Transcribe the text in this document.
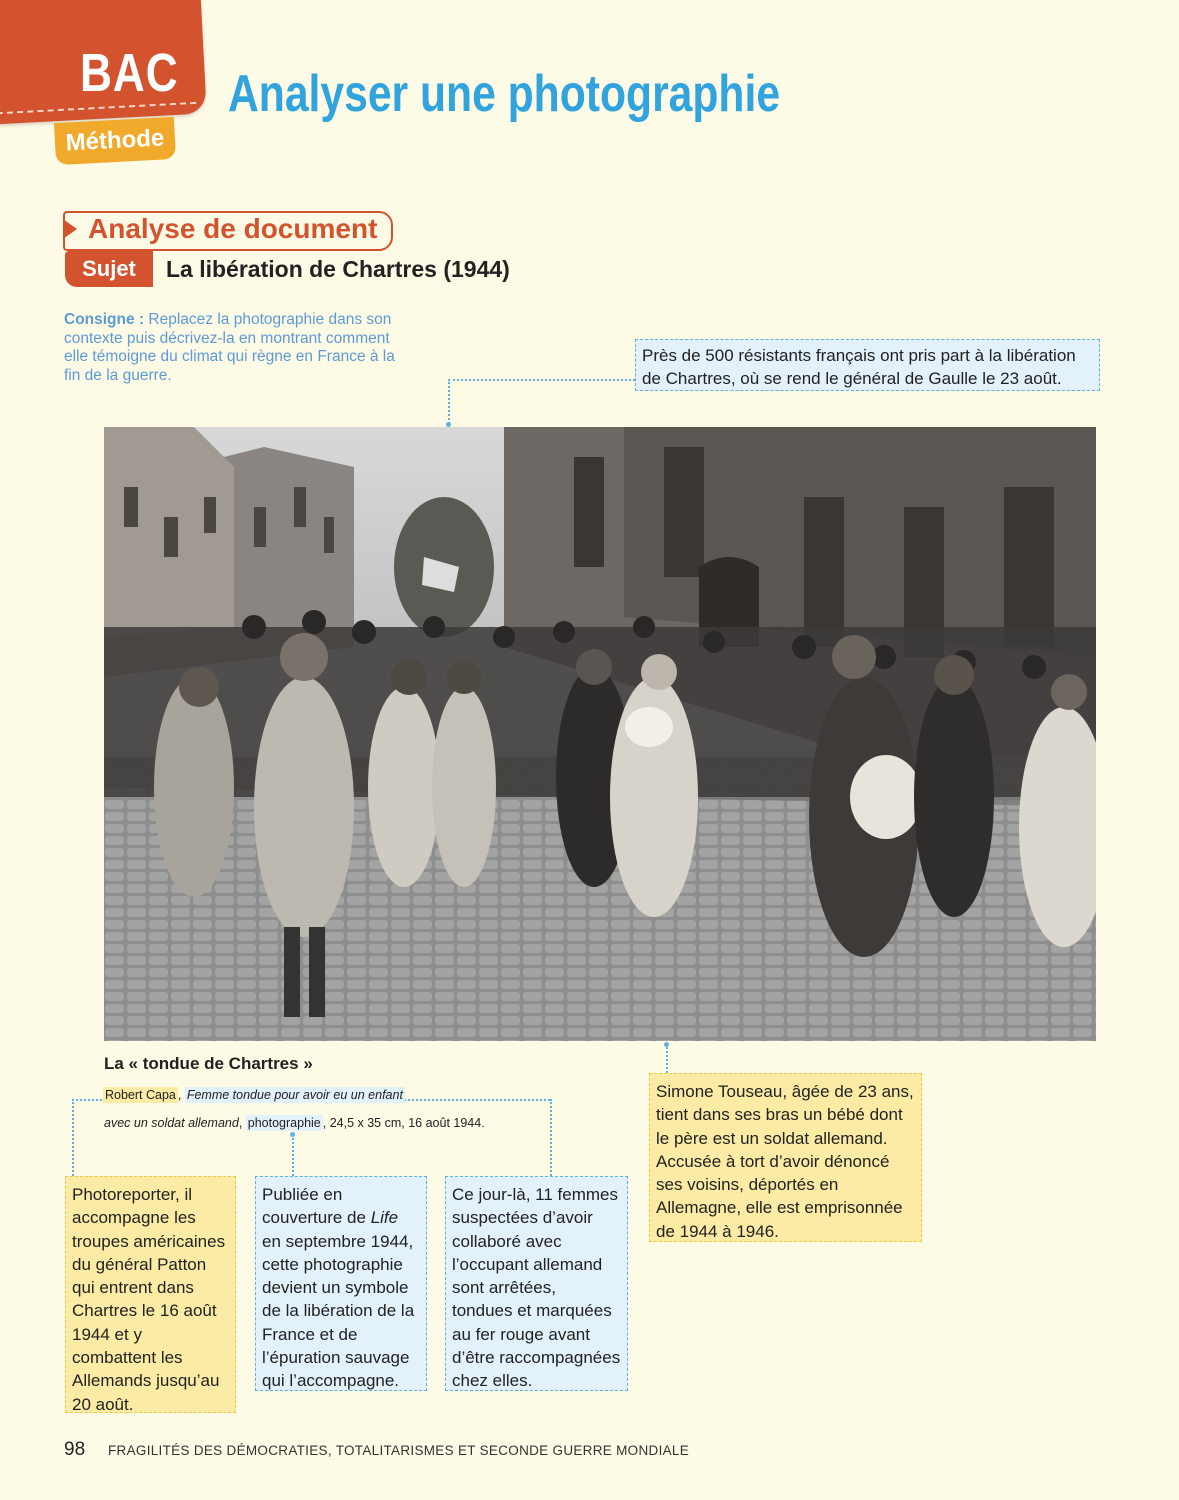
BAC
Méthode
Analyser une photographie
Analyse de document
Sujet	La libération de Chartres (1944)
Consigne : Replacez la photographie dans son contexte puis décrivez-la en montrant comment elle témoigne du climat qui règne en France à la fin de la guerre.
Près de 500 résistants français ont pris part à la libération de Chartres, où se rend le général de Gaulle le 23 août.
La « tondue de Chartres »
Robert Capa , Femme tondue pour avoir eu un enfant
avec un soldat allemand, photographie , 24,5 x 35 cm, 16 août 1944.
Simone Touseau, âgée de 23 ans, tient dans ses bras un bébé dont le père est un soldat allemand. Accusée à tort d’avoir dénoncé ses voisins, déportés en Allemagne, elle est emprisonnée de 1944 à 1946.
Photoreporter, il accompagne les troupes américaines du général Patton qui entrent dans Chartres le 16 août 1944 et y combattent les Allemands jusqu’au 20 août.
Publiée en couverture de Life en septembre 1944, cette photographie devient un symbole de la libération de la France et de l’épuration sauvage qui l’accompagne.
Ce jour-là, 11 femmes suspectées d’avoir collaboré avec l’occupant allemand sont arrêtées, tondues et marquées au fer rouge avant d’être raccompagnées chez elles.
98 FRAGILITÉS DES DÉMOCRATIES, TOTALITARISMES ET SECONDE GUERRE MONDIALE
